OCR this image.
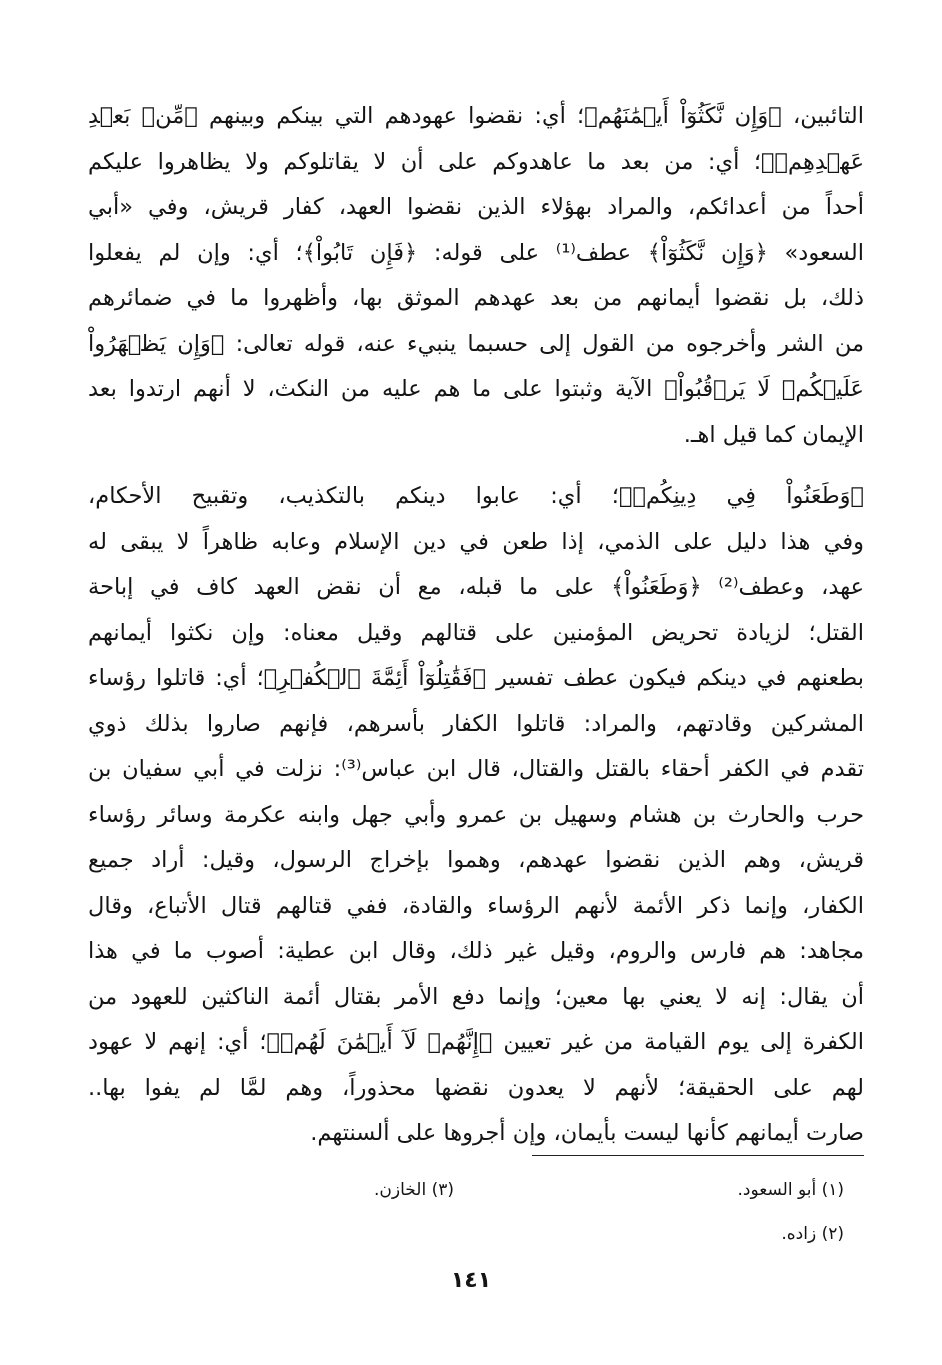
التائبين، ﴿وَإِن نَّكَثُوٓاْ أَيۡمَٰنَهُم﴾؛ أي: نقضوا عهودهم التي بينكم وبينهم ﴿مِّنۢ بَعۡدِ
عَهۡدِهِمۡ﴾؛ أي: من بعد ما عاهدوكم على أن لا يقاتلوكم ولا يظاهروا عليكم
أحداً من أعدائكم، والمراد بهؤلاء الذين نقضوا العهد، كفار قريش، وفي «أبي
السعود» ﴿وَإِن نَّكَثُوٓاْ﴾ عطف⁽¹⁾ على قوله: ﴿فَإِن تَابُواْ﴾؛ أي: وإن لم يفعلوا
ذلك، بل نقضوا أيمانهم من بعد عهدهم الموثق بها، وأظهروا ما في ضمائرهم
من الشر وأخرجوه من القول إلى حسبما ينبيء عنه، قوله تعالى: ﴿وَإِن يَظۡهَرُواْ
عَلَيۡكُمۡ لَا يَرۡقُبُواْ﴾ الآية وثبتوا على ما هم عليه من النكث، لا أنهم ارتدوا بعد
الإيمان كما قيل اهـ.
﴿وَطَعَنُواْ فِي دِينِكُمۡ﴾؛ أي: عابوا دينكم بالتكذيب، وتقبيح الأحكام،
وفي هذا دليل على الذمي، إذا طعن في دين الإسلام وعابه ظاهراً لا يبقى له
عهد، وعطف⁽²⁾ ﴿وَطَعَنُواْ﴾ على ما قبله، مع أن نقض العهد كاف في إباحة
القتل؛ لزيادة تحريض المؤمنين على قتالهم وقيل معناه: وإن نكثوا أيمانهم
بطعنهم في دينكم فيكون عطف تفسير ﴿فَقَٰتِلُوٓاْ أَئِمَّةَ ٱلۡكُفۡرِ﴾؛ أي: قاتلوا رؤساء
المشركين وقادتهم، والمراد: قاتلوا الكفار بأسرهم، فإنهم صاروا بذلك ذوي
تقدم في الكفر أحقاء بالقتل والقتال، قال ابن عباس⁽³⁾: نزلت في أبي سفيان بن
حرب والحارث بن هشام وسهيل بن عمرو وأبي جهل وابنه عكرمة وسائر رؤساء
قريش، وهم الذين نقضوا عهدهم، وهموا بإخراج الرسول، وقيل: أراد جميع
الكفار، وإنما ذكر الأئمة لأنهم الرؤساء والقادة، ففي قتالهم قتال الأتباع، وقال
مجاهد: هم فارس والروم، وقيل غير ذلك، وقال ابن عطية: أصوب ما في هذا
أن يقال: إنه لا يعني بها معين؛ وإنما دفع الأمر بقتال أئمة الناكثين للعهود من
الكفرة إلى يوم القيامة من غير تعيين ﴿إِنَّهُمۡ لَآ أَيۡمَٰنَ لَهُمۡ﴾؛ أي: إنهم لا عهود
لهم على الحقيقة؛ لأنهم لا يعدون نقضها محذوراً، وهم لمَّا لم يفوا بها..
صارت أيمانهم كأنها ليست بأيمان، وإن أجروها على ألسنتهم.
(١) أبو السعود.
(٣) الخازن.
(٢) زاده.
١٤١
